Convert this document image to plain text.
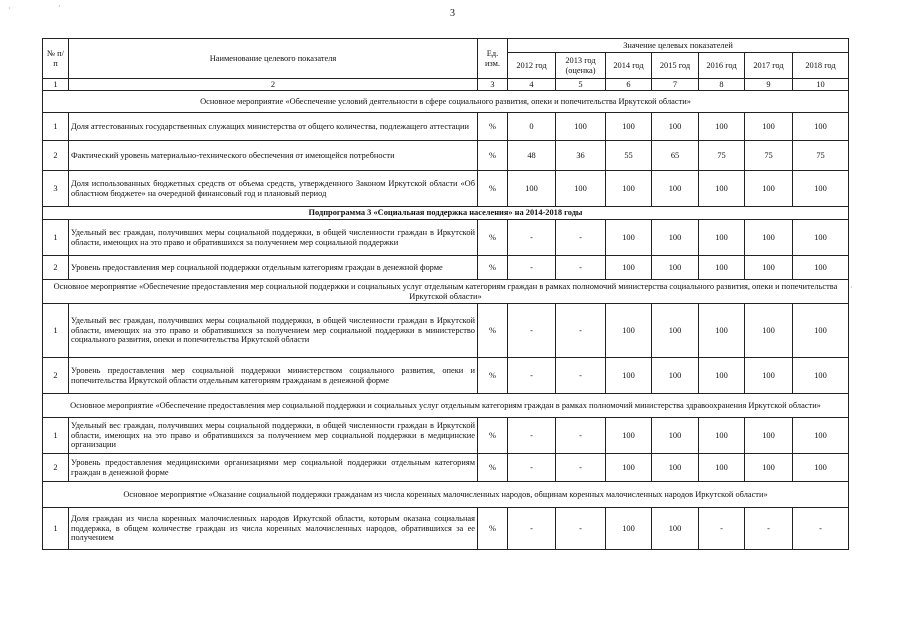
3
·	·
·
№ п/п	Наименование целевого показателя	Ед. изм.	Значение целевых показателей						
			2012 год	2013 год (оценка)	2014 год	2015 год	2016 год	2017 год	2018 год
1	2	3	4	5	6	7	8	9	10
Основное мероприятие «Обеспечение условий деятельности в сфере социального развития, опеки и попечительства Иркутской области»									
1	Доля аттестованных государственных служащих министерства от общего количества, подлежащего аттестации	%	0	100	100	100	100	100	100
2	Фактический уровень материально-технического обеспечения от имеющейся потребности	%	48	36	55	65	75	75	75
3	Доля использованных бюджетных средств от объема средств, утвержденного Законом Иркутской области «Об областном бюджете» на очередной финансовый год и плановый период	%	100	100	100	100	100	100	100
Подпрограмма 3 «Социальная поддержка населения» на 2014-2018 годы									
1	Удельный вес граждан, получивших меры социальной поддержки, в общей численности граждан в Иркутской области, имеющих на это право и обратившихся за получением мер социальной поддержки	%	-	-	100	100	100	100	100
2	Уровень предоставления мер социальной поддержки отдельным категориям граждан в денежной форме	%	-	-	100	100	100	100	100
Основное мероприятие «Обеспечение предоставления мер социальной поддержки и социальных услуг отдельным категориям граждан в рамках полномочий министерства социального развития, опеки и попечительства Иркутской области»									
1	Удельный вес граждан, получивших меры социальной поддержки, в общей численности граждан в Иркутской области, имеющих на это право и обратившихся за получением мер социальной поддержки в министерство социального развития, опеки и попечительства Иркутской области	%	-	-	100	100	100	100	100
2	Уровень предоставления мер социальной поддержки министерством социального развития, опеки и попечительства Иркутской области отдельным категориям гражданам в денежной форме	%	-	-	100	100	100	100	100
Основное мероприятие «Обеспечение предоставления мер социальной поддержки и социальных услуг отдельным категориям граждан в рамках полномочий министерства здравоохранения Иркутской области»									
1	Удельный вес граждан, получивших меры социальной поддержки, в общей численности граждан в Иркутской области, имеющих на это право и обратившихся за получением мер социальной поддержки в медицинские организации	%	-	-	100	100	100	100	100
2	Уровень предоставления медицинскими организациями мер социальной поддержки отдельным категориям граждан в денежной форме	%	-	-	100	100	100	100	100
Основное мероприятие «Оказание социальной поддержки гражданам из числа коренных малочисленных народов, общинам коренных малочисленных народов Иркутской области»									
1	Доля граждан из числа коренных малочисленных народов Иркутской области, которым оказана социальная поддержка, в общем количестве граждан из числа коренных малочисленных народов, обратившихся за ее получением	%	-	-	100	100	-	-	-
